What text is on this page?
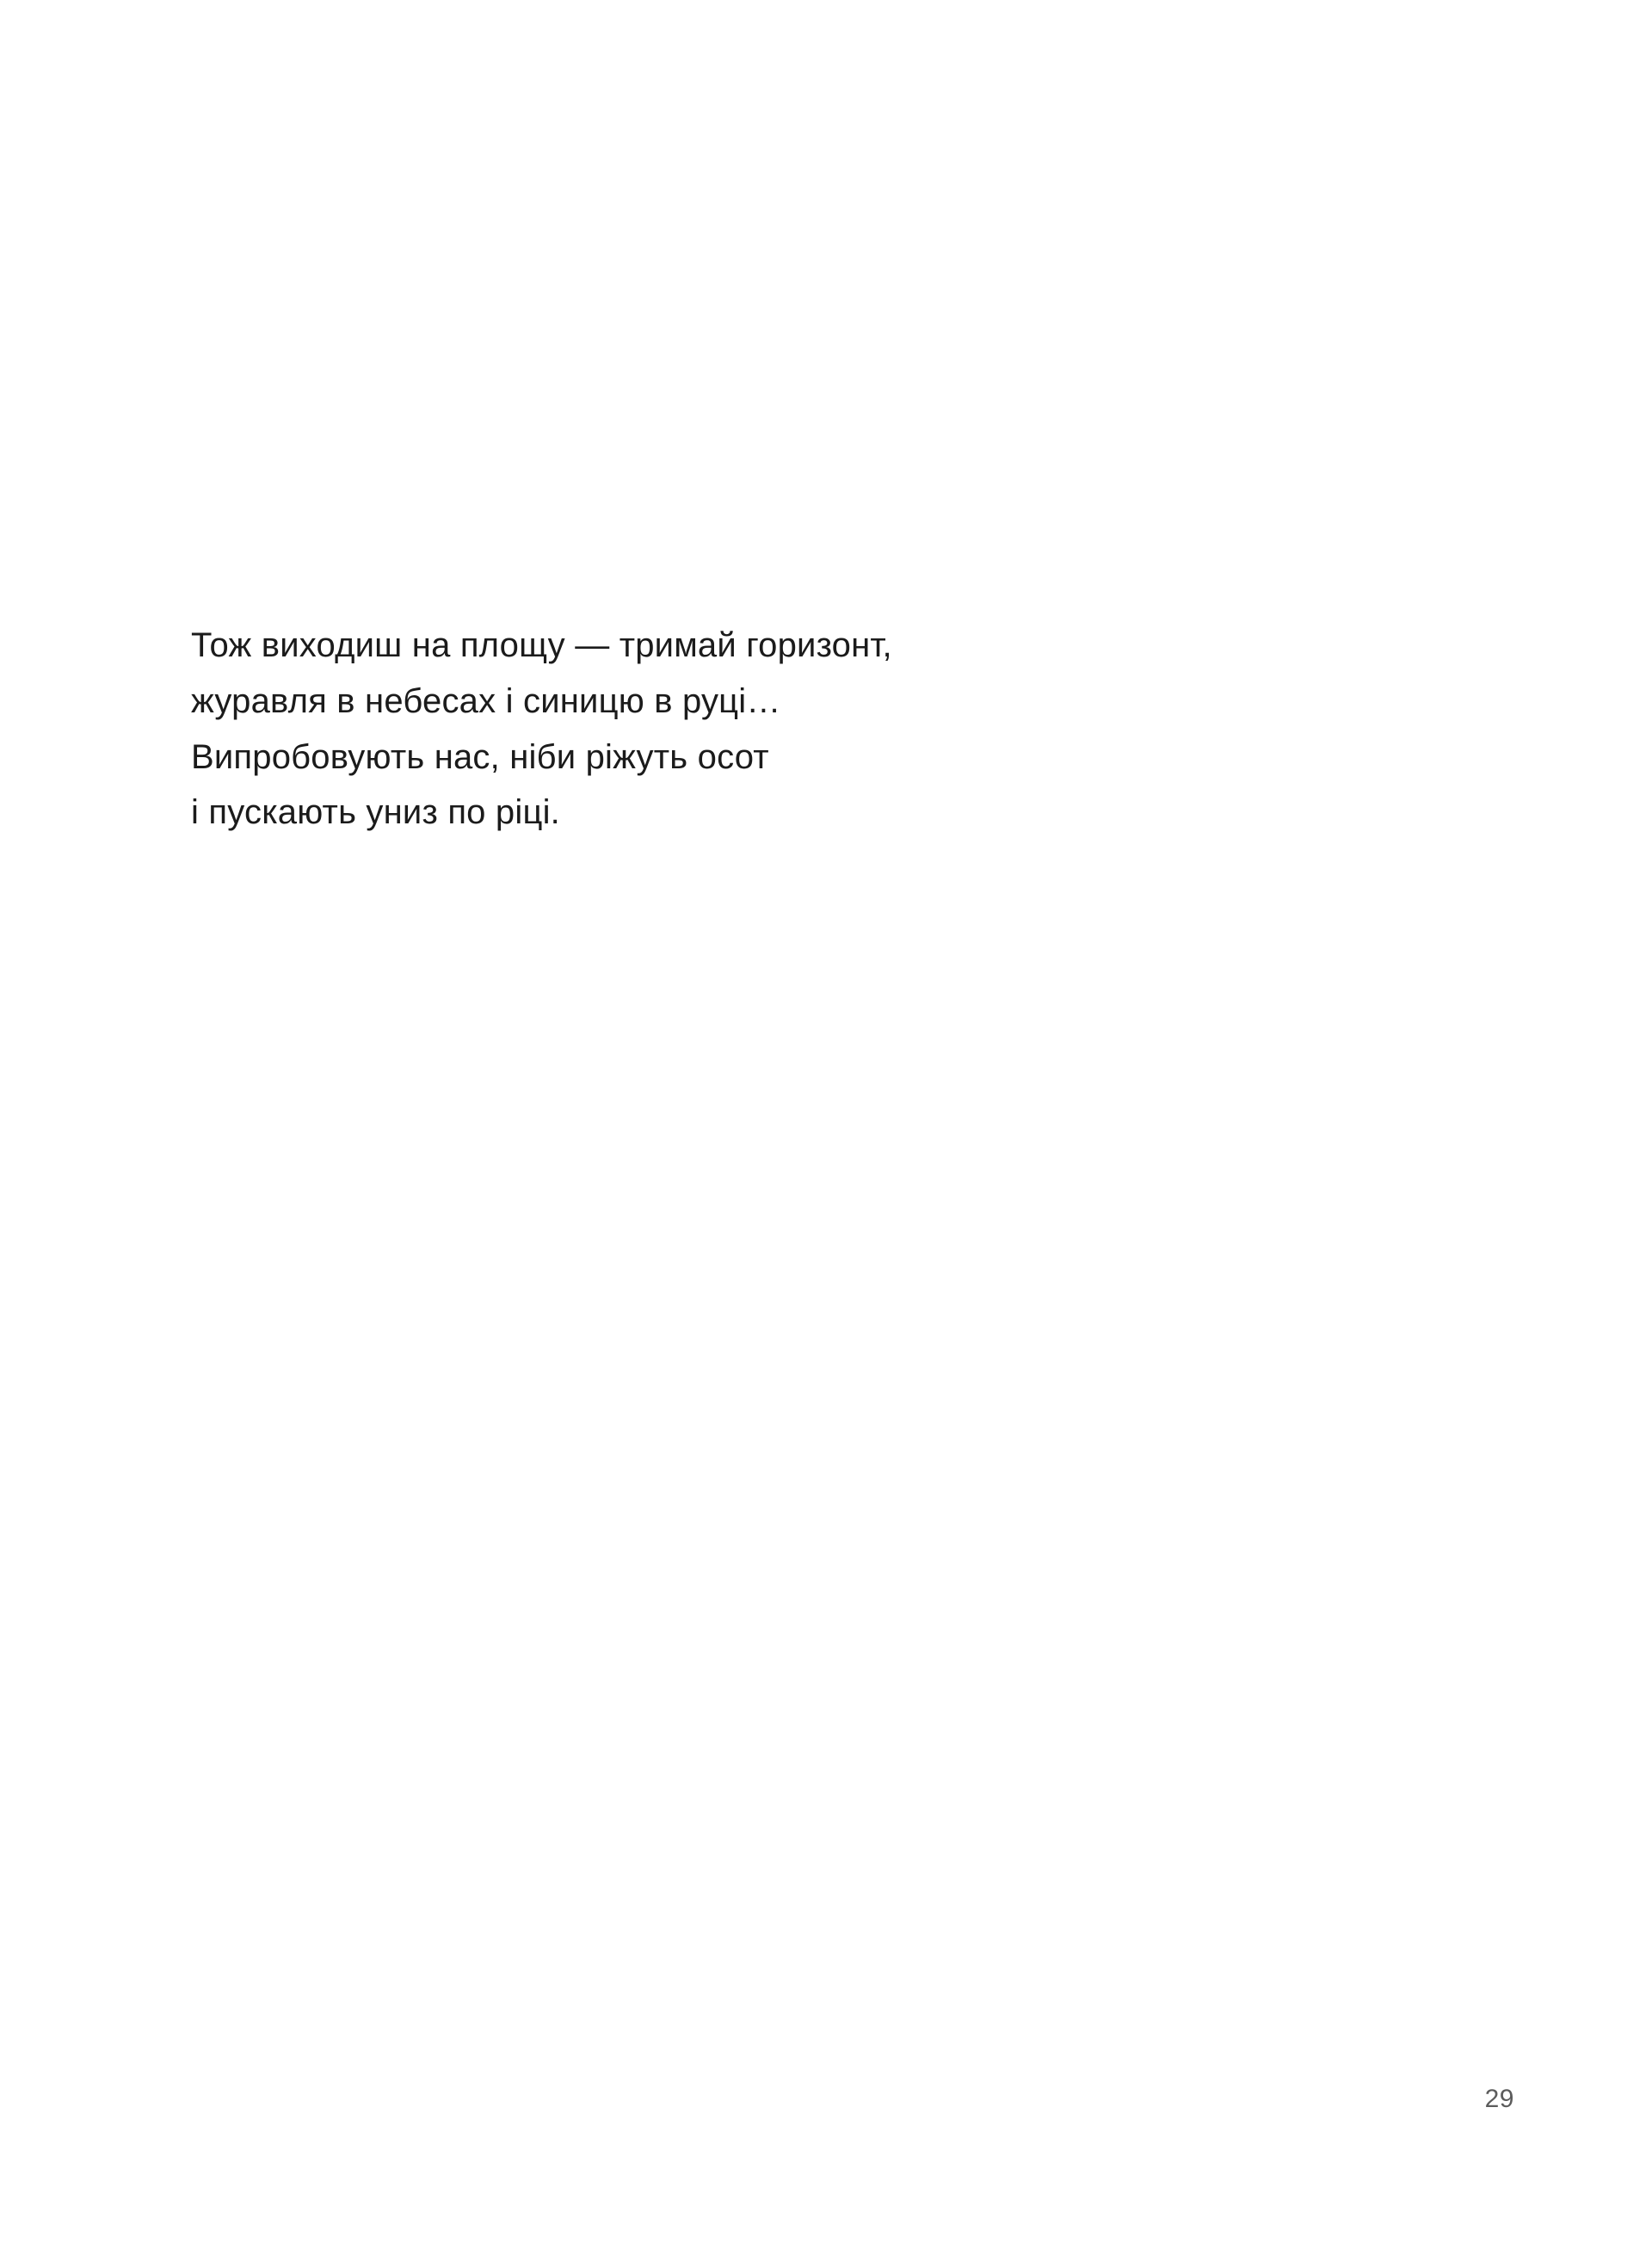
Тож виходиш на площу — тримай горизонт,
журавля в небесах і синицю в руці…
Випробовують нас, ніби ріжуть осот
і пускають униз по ріці.
29
